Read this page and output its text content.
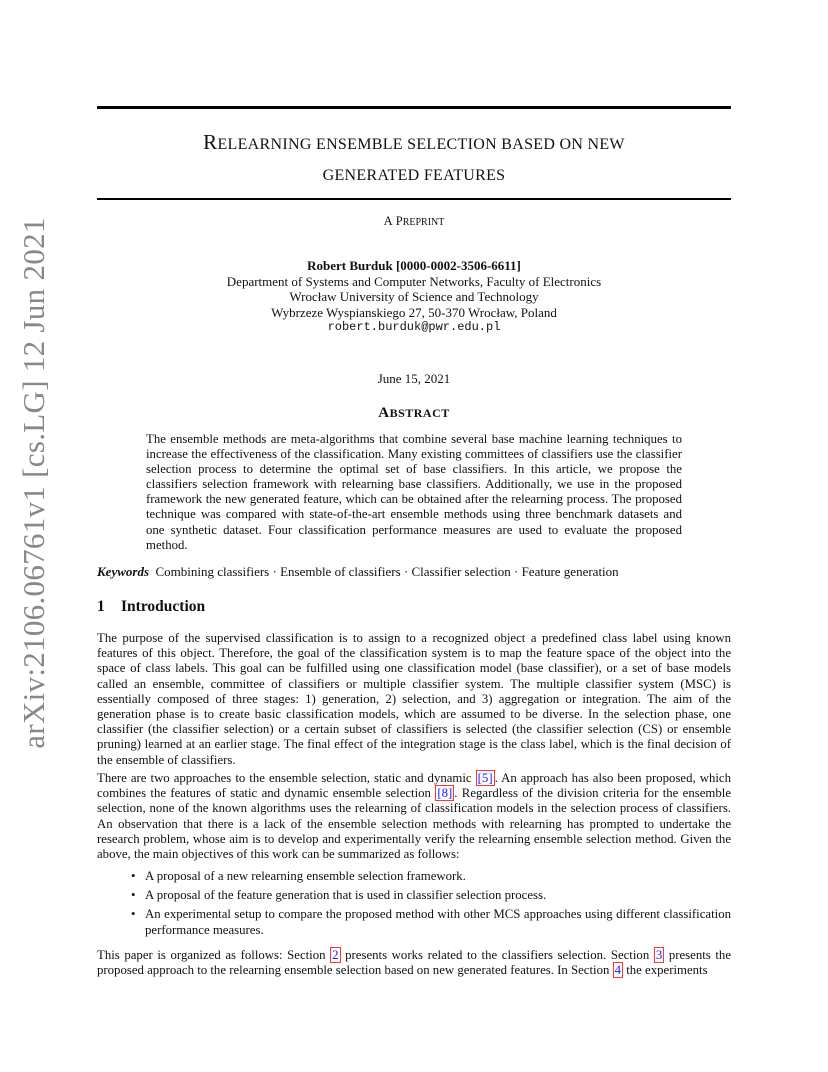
arXiv:2106.06761v1 [cs.LG] 12 Jun 2021
RELEARNING ENSEMBLE SELECTION BASED ON NEW
GENERATED FEATURES
A PREPRINT
Robert Burduk [0000-0002-3506-6611]
Department of Systems and Computer Networks, Faculty of Electronics
Wrocław University of Science and Technology
Wybrzeze Wyspianskiego 27, 50-370 Wrocław, Poland
robert.burduk@pwr.edu.pl
June 15, 2021
ABSTRACT
The ensemble methods are meta-algorithms that combine several base machine learning techniques to increase the effectiveness of the classification. Many existing committees of classifiers use the classifier selection process to determine the optimal set of base classifiers. In this article, we propose the classifiers selection framework with relearning base classifiers. Additionally, we use in the proposed framework the new generated feature, which can be obtained after the relearning process. The proposed technique was compared with state-of-the-art ensemble methods using three benchmark datasets and one synthetic dataset. Four classification performance measures are used to evaluate the proposed method.
Keywords Combining classifiers · Ensemble of classifiers · Classifier selection · Feature generation
1 Introduction

The purpose of the supervised classification is to assign to a recognized object a predefined class label using known features of this object. Therefore, the goal of the classification system is to map the feature space of the object into the space of class labels. This goal can be fulfilled using one classification model (base classifier), or a set of base models called an ensemble, committee of classifiers or multiple classifier system. The multiple classifier system (MSC) is essentially composed of three stages: 1) generation, 2) selection, and 3) aggregation or integration. The aim of the generation phase is to create basic classification models, which are assumed to be diverse. In the selection phase, one classifier (the classifier selection) or a certain subset of classifiers is selected (the classifier selection (CS) or ensemble pruning) learned at an earlier stage. The final effect of the integration stage is the class label, which is the final decision of the ensemble of classifiers.

There are two approaches to the ensemble selection, static and dynamic [5] . An approach has also been proposed, which combines the features of static and dynamic ensemble selection [8] . Regardless of the division criteria for the ensemble selection, none of the known algorithms uses the relearning of classification models in the selection process of classifiers. An observation that there is a lack of the ensemble selection methods with relearning has prompted to undertake the research problem, whose aim is to develop and experimentally verify the relearning ensemble selection method. Given the above, the main objectives of this work can be summarized as follows:

• A proposal of a new relearning ensemble selection framework.
• A proposal of the feature generation that is used in classifier selection process.
• An experimental setup to compare the proposed method with other MCS approaches using different classification performance measures.

This paper is organized as follows: Section 2 presents works related to the classifiers selection. Section 3 presents the proposed approach to the relearning ensemble selection based on new generated features. In Section 4 the experiments
